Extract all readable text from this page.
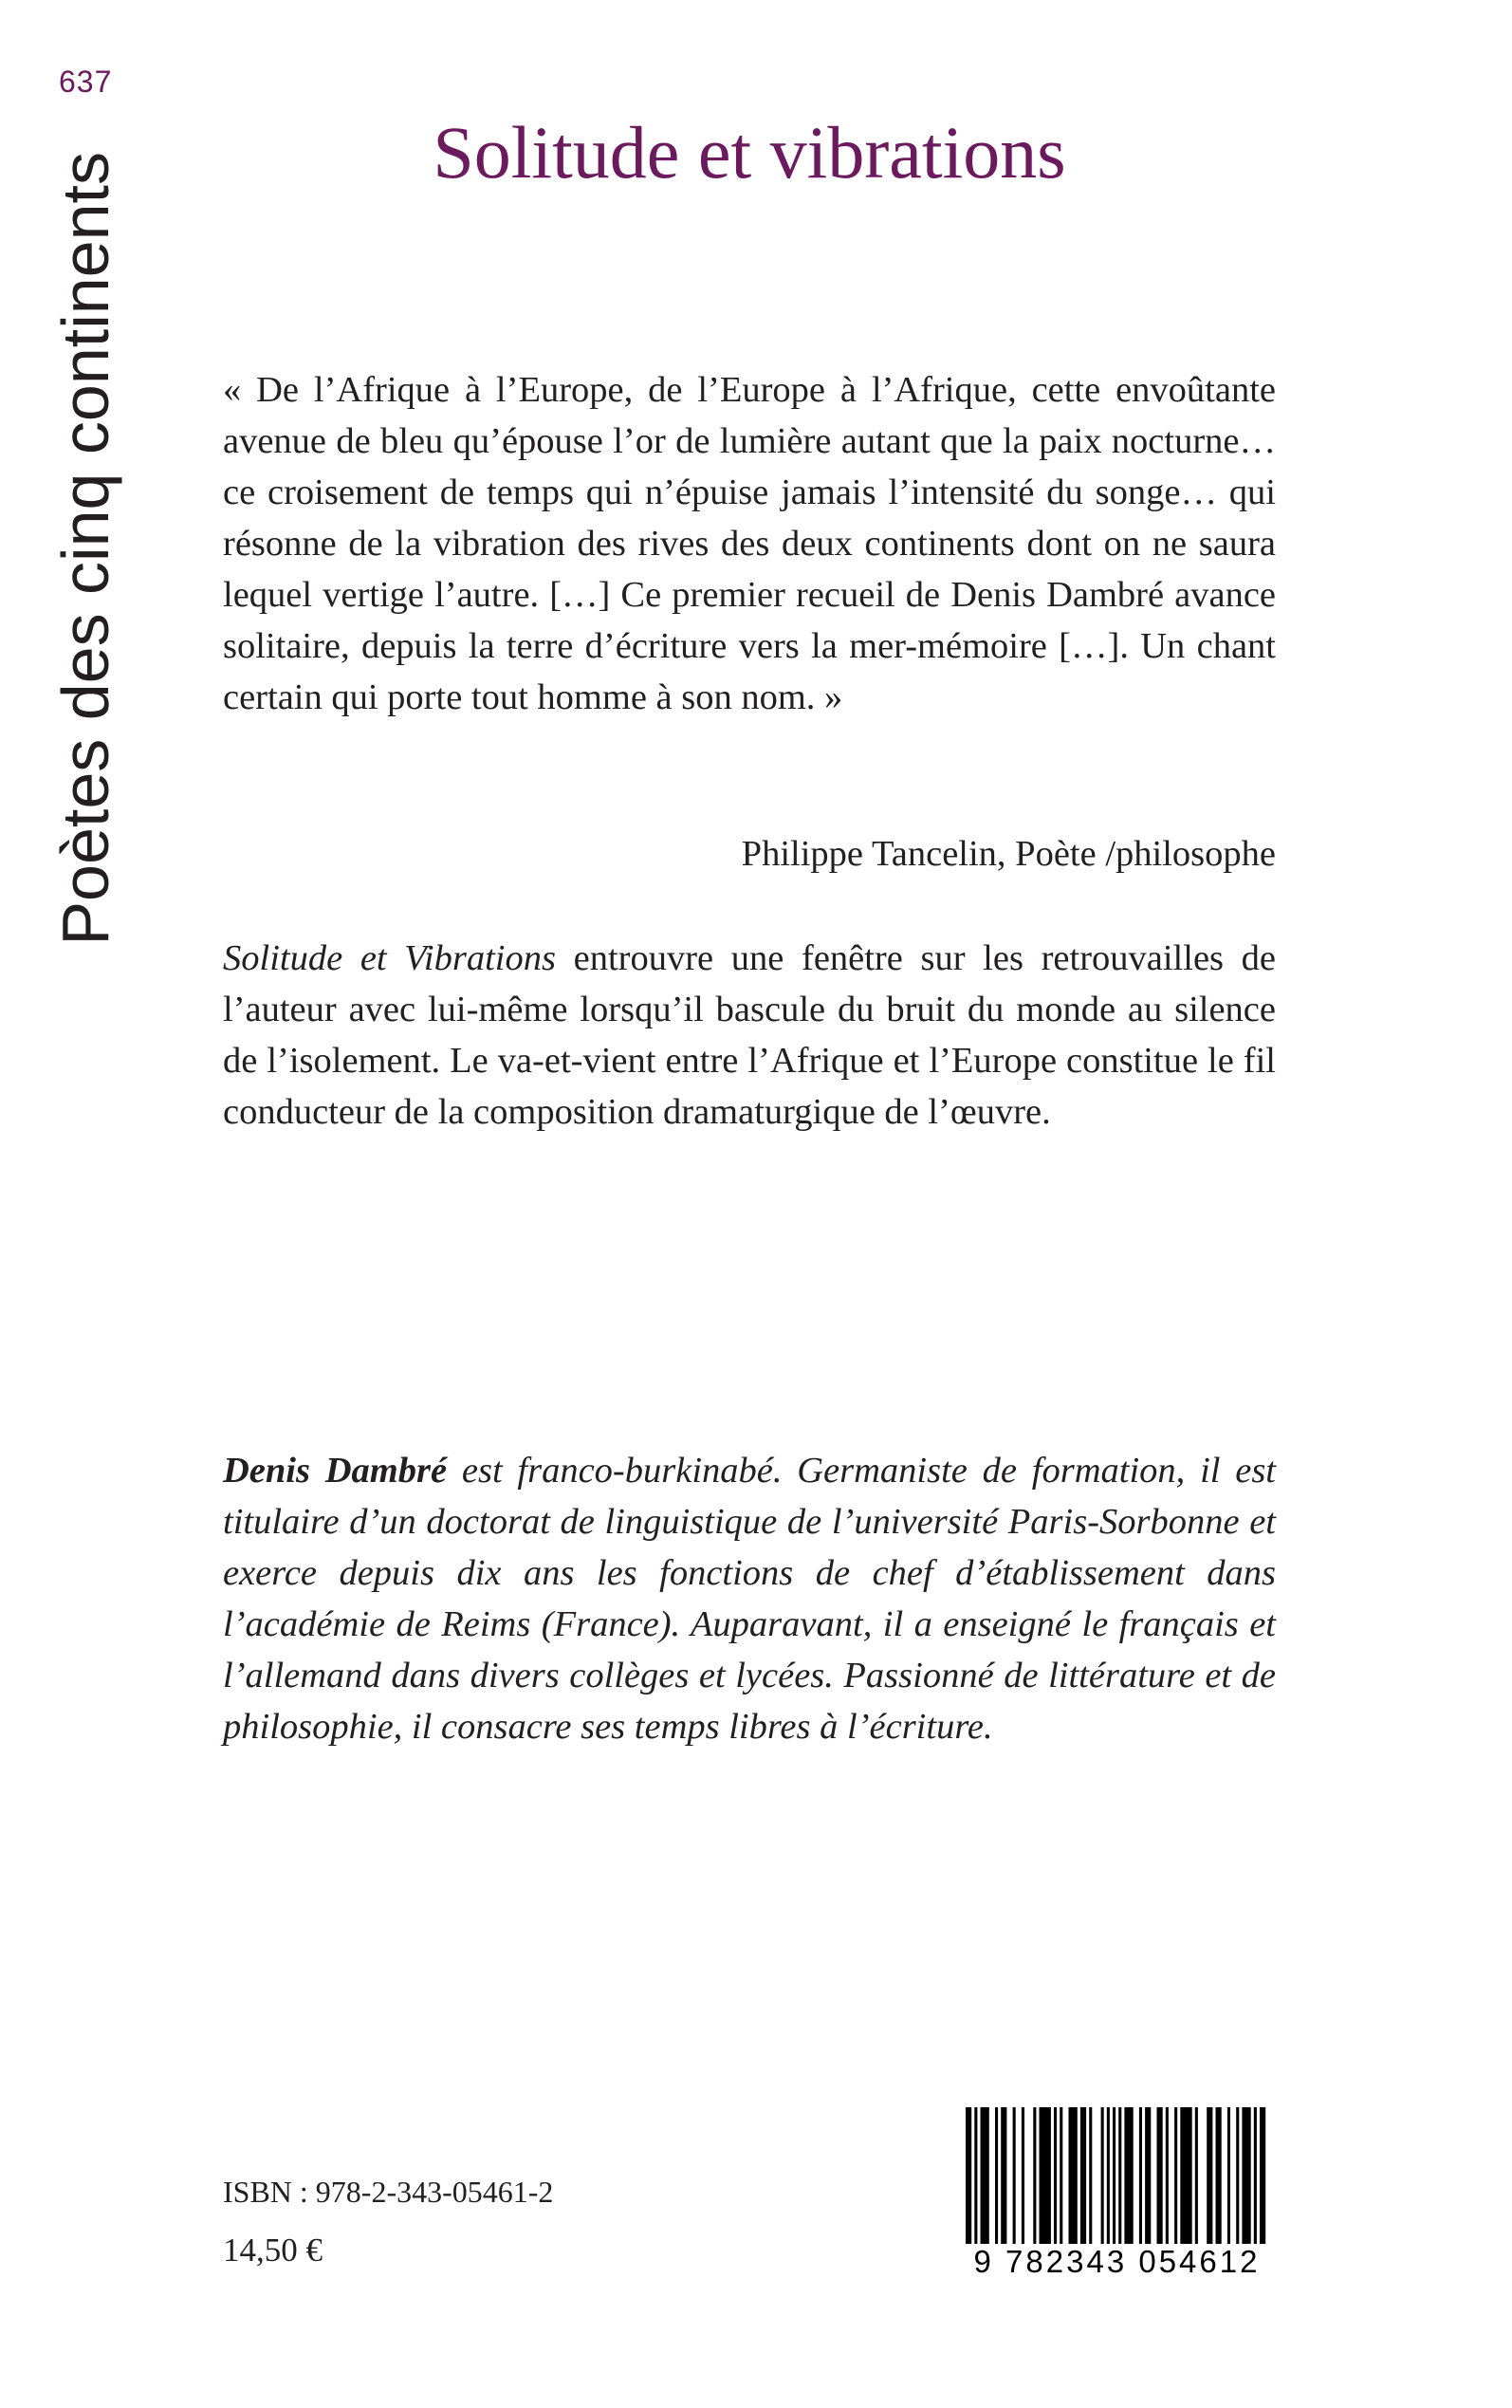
637
Poètes des cinq continents	Solitude et vibrations

« De l’Afrique à l’Europe, de l’Europe à l’Afrique, cette envoûtante avenue de bleu qu’épouse l’or de lumière autant que la paix nocturne… ce croisement de temps qui n’épuise jamais l’intensité du songe… qui résonne de la vibration des rives des deux continents dont on ne saura lequel vertige l’autre. […] Ce premier recueil de Denis Dambré avance solitaire, depuis la terre d’écriture vers la mer-mémoire […]. Un chant certain qui porte tout homme à son nom. »

Philippe Tancelin, Poète /philosophe

Solitude et Vibrations entrouvre une fenêtre sur les retrouvailles de l’auteur avec lui-même lorsqu’il bascule du bruit du monde au silence de l’isolement. Le va-et-vient entre l’Afrique et l’Europe constitue le fil conducteur de la composition dramaturgique de l’œuvre.

Denis Dambré est franco-burkinabé. Germaniste de formation, il est titulaire d’un doctorat de linguistique de l’université Paris-Sorbonne et exerce depuis dix ans les fonctions de chef d’établissement dans l’académie de Reims (France). Auparavant, il a enseigné le français et l’allemand dans divers collèges et lycées. Passionné de littérature et de philosophie, il consacre ses temps libres à l’écriture.

ISBN : 978-2-343-05461-2

14,50 €	9 782343 054612
